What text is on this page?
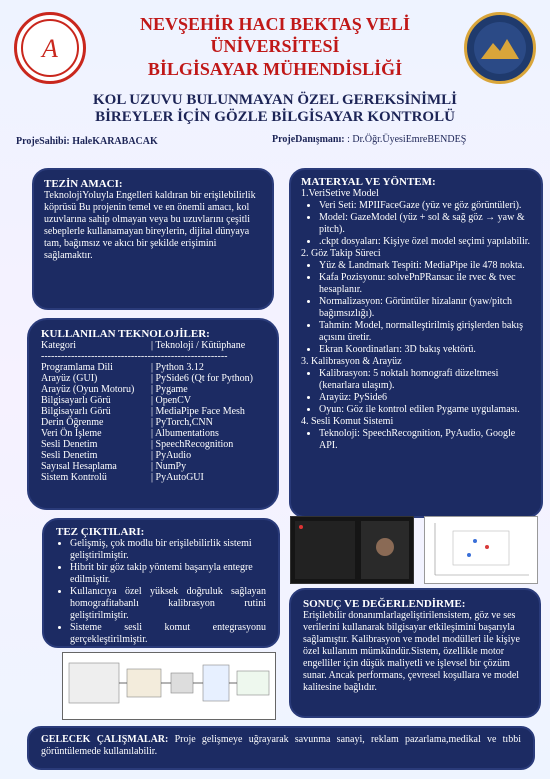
A
NEVŞEHİR HACI BEKTAŞ VELİ
ÜNİVERSİTESİ
BİLGİSAYAR MÜHENDİSLİĞİ
KOL UZUVU BULUNMAYAN ÖZEL GEREKSİNİMLİ
BİREYLER İÇİN GÖZLE BİLGİSAYAR KONTROLÜ
ProjeSahibi: HaleKARABACAK	ProjeDanışmanı: : Dr.Öğr.ÜyesiEmreBENDEŞ
TEZİN AMACI:

TeknolojiYoluyla Engelleri kaldıran bir erişilebilirlik köprüsü Bu projenin temel ve en önemli amacı, kol uzuvlarına sahip olmayan veya bu uzuvlarını çeşitli sebeplerle kullanamayan bireylerin, dijital dünyaya tam, bağımsız ve akıcı bir şekilde erişimini sağlamaktır.

KULLANILAN TEKNOLOJİLER:
Kategori	| Teknoloji / Kütüphane
--------------------------------------------------------
Programlama Dili	| Python 3.12
Arayüz (GUI)	| PySide6 (Qt for Python)
Arayüz (Oyun Motoru)	| Pygame
Bilgisayarlı Görü	| OpenCV
Bilgisayarlı Görü	| MediaPipe Face Mesh
Derin Öğrenme	| PyTorch,CNN
Veri Ön İşleme	| Albumentations
Sesli Denetim	| SpeechRecognition
Sesli Denetim	| PyAudio
Sayısal Hesaplama	| NumPy
Sistem Kontrolü	| PyAutoGUI
MATERYAL VE YÖNTEM:

1.VeriSetive Model

• Veri Seti: MPIIFaceGaze (yüz ve göz görüntüleri).
• Model: GazeModel (yüz + sol & sağ göz → yaw & pitch).
• .ckpt dosyaları: Kişiye özel model seçimi yapılabilir.

2. Göz Takip Süreci

• Yüz & Landmark Tespiti: MediaPipe ile 478 nokta.
• Kafa Pozisyonu: solvePnPRansac ile rvec & tvec hesaplanır.
• Normalizasyon: Görüntüler hizalanır (yaw/pitch bağımsızlığı).
• Tahmin: Model, normalleştirilmiş girişlerden bakış açısını üretir.
• Ekran Koordinatları: 3D bakış vektörü.

3. Kalibrasyon & Arayüz

• Kalibrasyon: 5 noktalı homografi düzeltmesi (kenarlara ulaşım).
• Arayüz: PySide6
• Oyun: Göz ile kontrol edilen Pygame uygulaması.

4. Sesli Komut Sistemi

• Teknoloji: SpeechRecognition, PyAudio, Google API.
TEZ ÇIKTILARI:
• Gelişmiş, çok modlu bir erişilebilirlik sistemi geliştirilmiştir.
• Hibrit bir göz takip yöntemi başarıyla entegre edilmiştir.
• Kullanıcıya özel yüksek doğruluk sağlayan homografitabanlı kalibrasyon rutini geliştirilmiştir.
• Sisteme sesli komut entegrasyonu gerçekleştirilmiştir.
SONUÇ VE DEĞERLENDİRME:

Erişilebilir donanımlarlageliştirilensistem, göz ve ses verilerini kullanarak bilgisayar etkileşimini başarıyla sağlamıştır. Kalibrasyon ve model modülleri ile kişiye özel kullanım mümkündür.Sistem, özellikle motor engelliler için düşük maliyetli ve işlevsel bir çözüm sunar. Ancak performans, çevresel koşullara ve model kalitesine bağlıdır.

GELECEK ÇALIŞMALAR: Proje gelişmeye uğrayarak savunma sanayi, reklam pazarlama,medikal ve tıbbi görüntülemede kullanılabilir.
